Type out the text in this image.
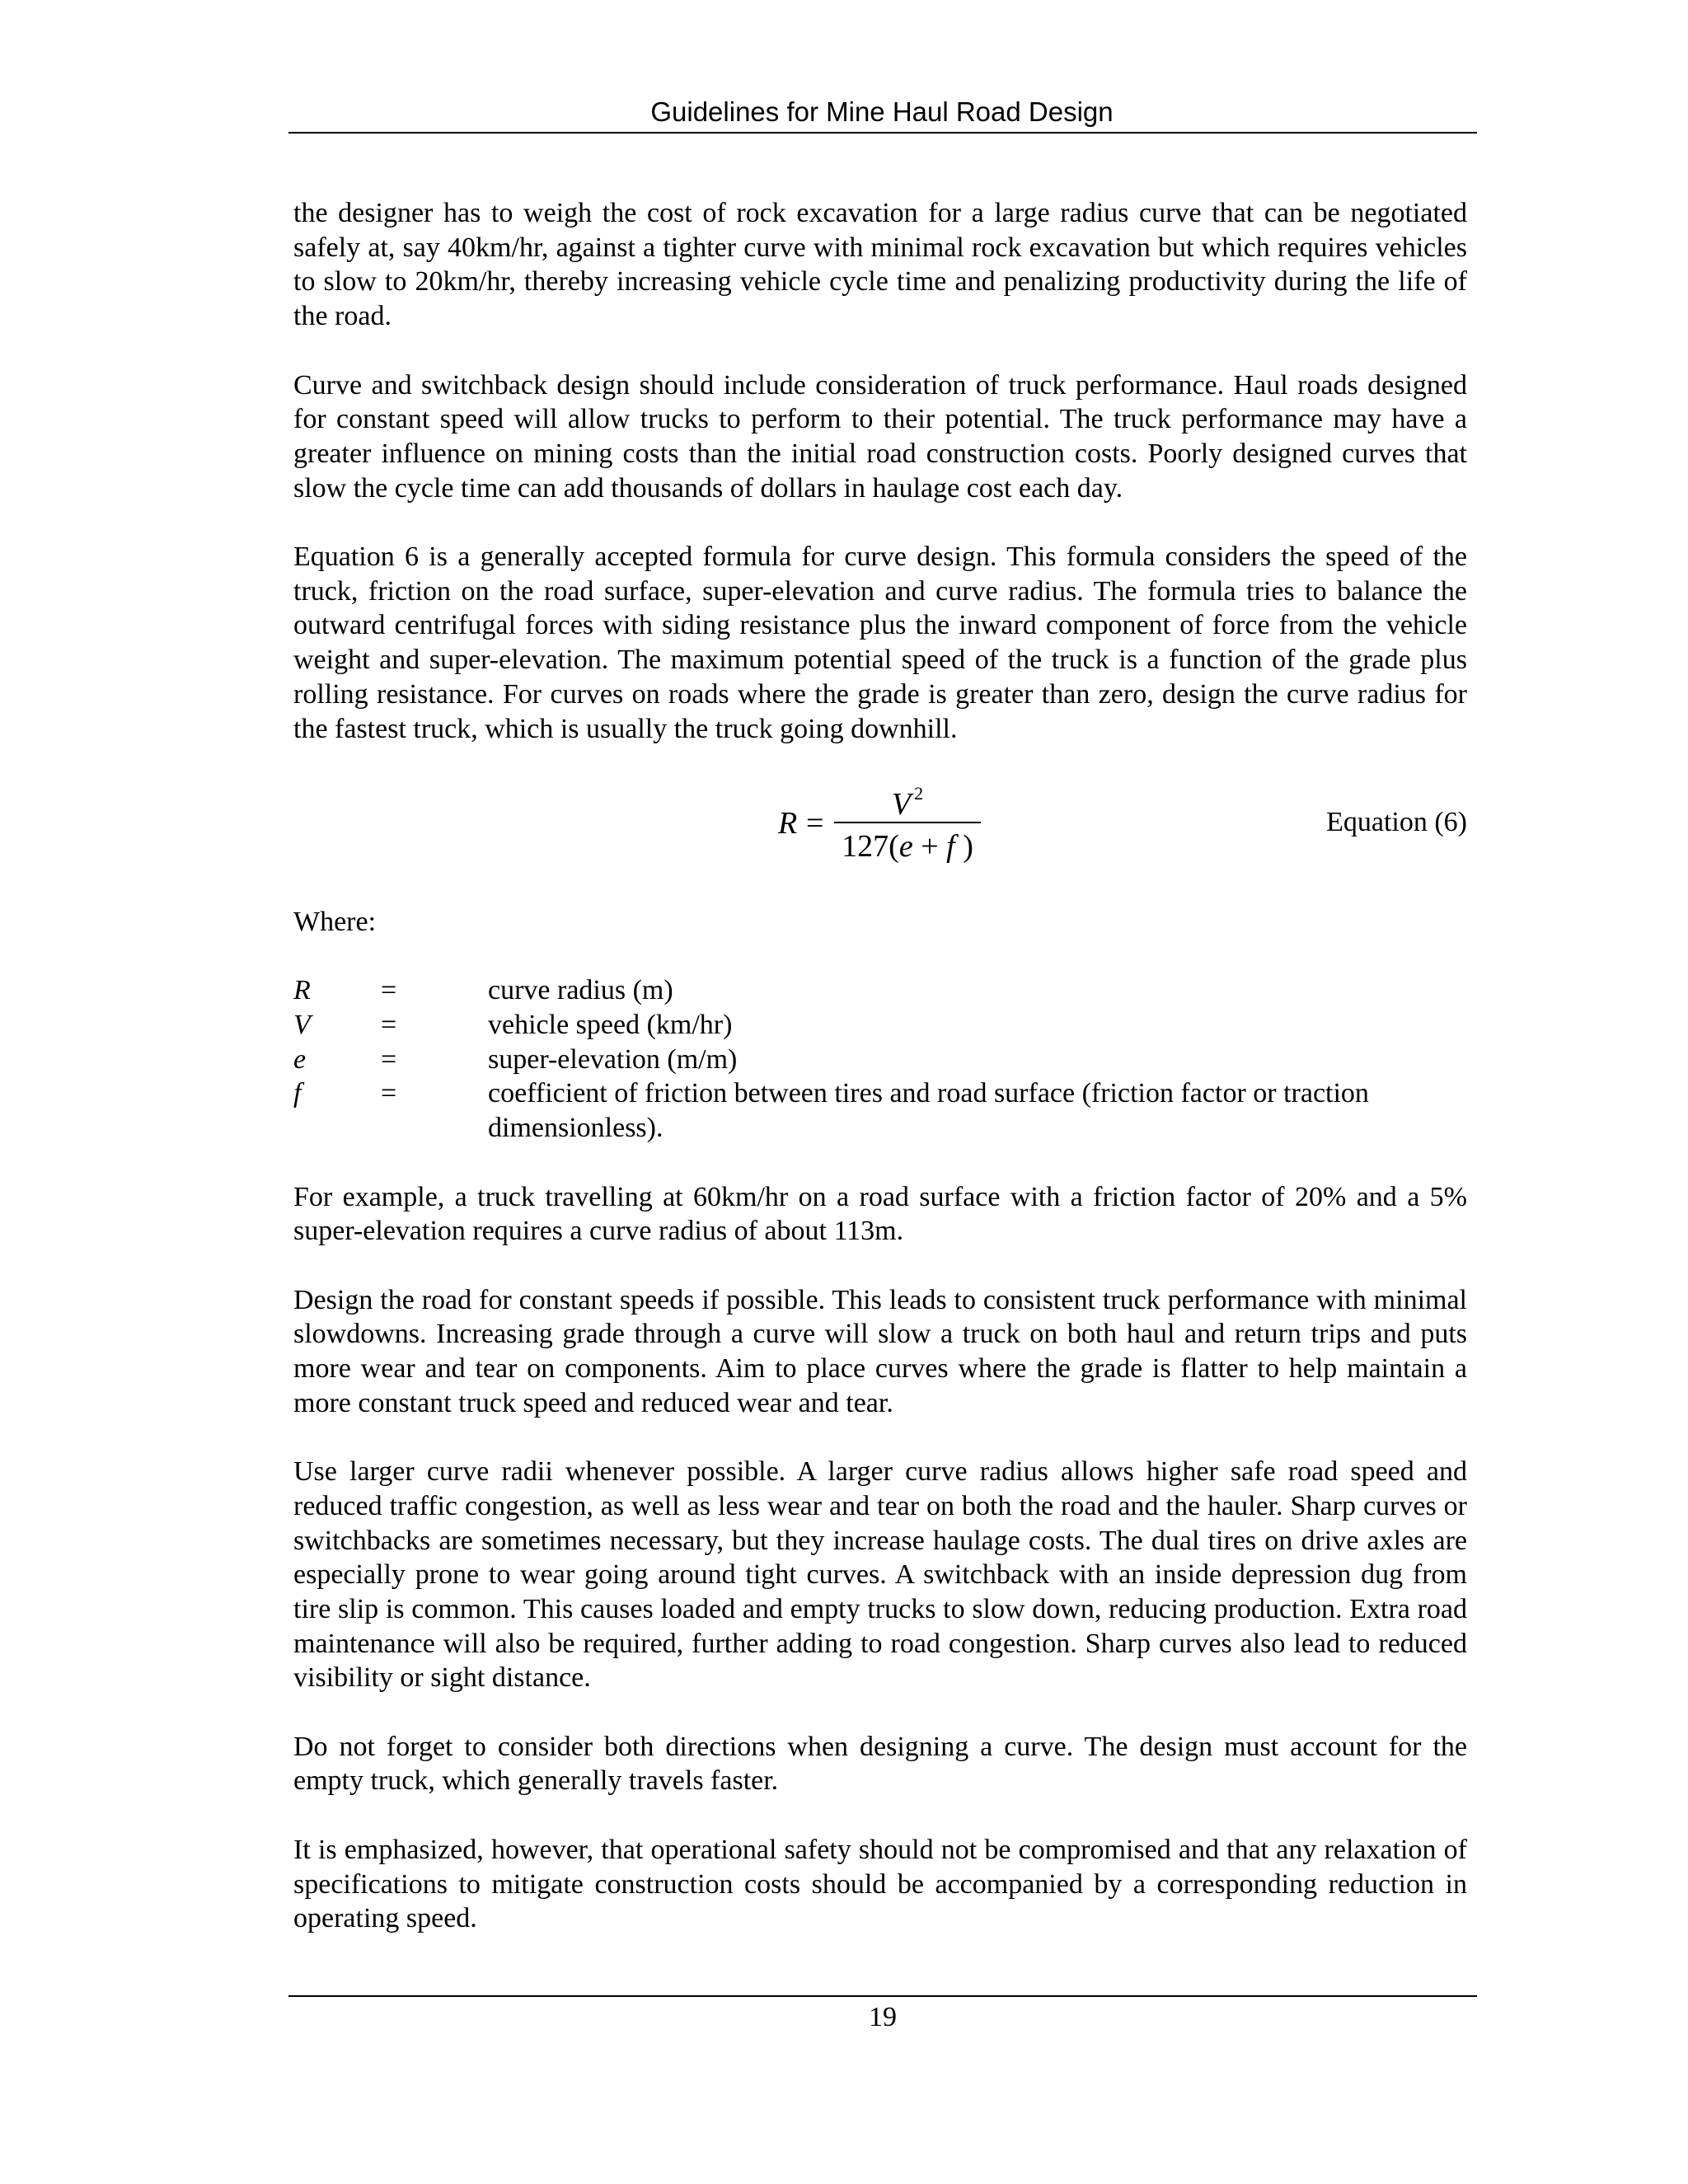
Guidelines for Mine Haul Road Design

the designer has to weigh the cost of rock excavation for a large radius curve that can be negotiated safely at, say 40km/hr, against a tighter curve with minimal rock excavation but which requires vehicles to slow to 20km/hr, thereby increasing vehicle cycle time and penalizing productivity during the life of the road.

Curve and switchback design should include consideration of truck performance. Haul roads designed for constant speed will allow trucks to perform to their potential. The truck performance may have a greater influence on mining costs than the initial road construction costs. Poorly designed curves that slow the cycle time can add thousands of dollars in haulage cost each day.

Equation 6 is a generally accepted formula for curve design. This formula considers the speed of the truck, friction on the road surface, super-elevation and curve radius. The formula tries to balance the outward centrifugal forces with siding resistance plus the inward component of force from the vehicle weight and super-elevation. The maximum potential speed of the truck is a function of the grade plus rolling resistance. For curves on roads where the grade is greater than zero, design the curve radius for the fastest truck, which is usually the truck going downhill.

R =
V $^2$
127(e + f )
Equation (6)

Where:

R	=	curve radius (m)
V	=	vehicle speed (km/hr)
e	=	super-elevation (m/m)
f	=	coefficient of friction between tires and road surface (friction factor or traction dimensionless).

For example, a truck travelling at 60km/hr on a road surface with a friction factor of 20% and a 5% super-elevation requires a curve radius of about 113m.

Design the road for constant speeds if possible. This leads to consistent truck performance with minimal slowdowns. Increasing grade through a curve will slow a truck on both haul and return trips and puts more wear and tear on components. Aim to place curves where the grade is flatter to help maintain a more constant truck speed and reduced wear and tear.

Use larger curve radii whenever possible. A larger curve radius allows higher safe road speed and reduced traffic congestion, as well as less wear and tear on both the road and the hauler. Sharp curves or switchbacks are sometimes necessary, but they increase haulage costs. The dual tires on drive axles are especially prone to wear going around tight curves. A switchback with an inside depression dug from tire slip is common. This causes loaded and empty trucks to slow down, reducing production. Extra road maintenance will also be required, further adding to road congestion. Sharp curves also lead to reduced visibility or sight distance.

Do not forget to consider both directions when designing a curve. The design must account for the empty truck, which generally travels faster.

It is emphasized, however, that operational safety should not be compromised and that any relaxation of specifications to mitigate construction costs should be accompanied by a corresponding reduction in operating speed.

19
